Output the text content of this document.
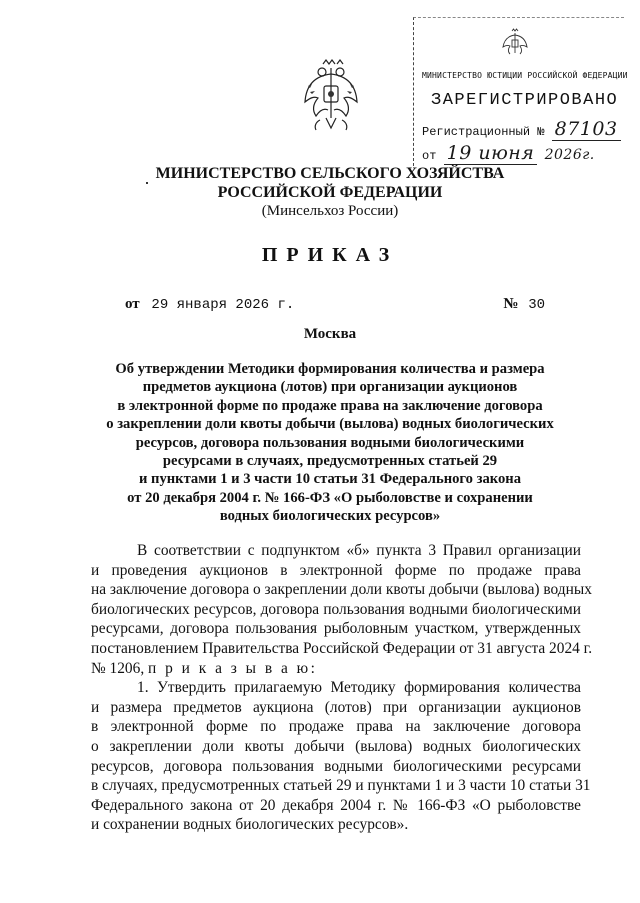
МИНИСТЕРСТВО ЮСТИЦИИ РОССИЙСКОЙ ФЕДЕРАЦИИ
ЗАРЕГИСТРИРОВАНО
Регистрационный № 87103
от 19 июня 2026г.
МИНИСТЕРСТВО СЕЛЬСКОГО ХОЗЯЙСТВА
РОССИЙСКОЙ ФЕДЕРАЦИИ
(Минсельхоз России)
ПРИКАЗ
от 29 января 2026 г.	№ 30
Москва
Об утверждении Методики формирования количества и размера
предметов аукциона (лотов) при организации аукционов
в электронной форме по продаже права на заключение договора
о закреплении доли квоты добычи (вылова) водных биологических
ресурсов, договора пользования водными биологическими
ресурсами в случаях, предусмотренных статьей 29
и пунктами 1 и 3 части 10 статьи 31 Федерального закона
от 20 декабря 2004 г. № 166-ФЗ «О рыболовстве и сохранении
водных биологических ресурсов»
В соответствии с подпунктом «б» пункта 3 Правил организации
и проведения аукционов в электронной форме по продаже права
на заключение договора о закреплении доли квоты добычи (вылова) водных
биологических ресурсов, договора пользования водными биологическими
ресурсами, договора пользования рыболовным участком, утвержденных
постановлением Правительства Российской Федерации от 31 августа 2024 г.
№ 1206, п р и к а з ы в а ю:
1. Утвердить прилагаемую Методику формирования количества
и размера предметов аукциона (лотов) при организации аукционов
в электронной форме по продаже права на заключение договора
о закреплении доли квоты добычи (вылова) водных биологических
ресурсов, договора пользования водными биологическими ресурсами
в случаях, предусмотренных статьей 29 и пунктами 1 и 3 части 10 статьи 31
Федерального закона от 20 декабря 2004 г. № 166-ФЗ «О рыболовстве
и сохранении водных биологических ресурсов».
